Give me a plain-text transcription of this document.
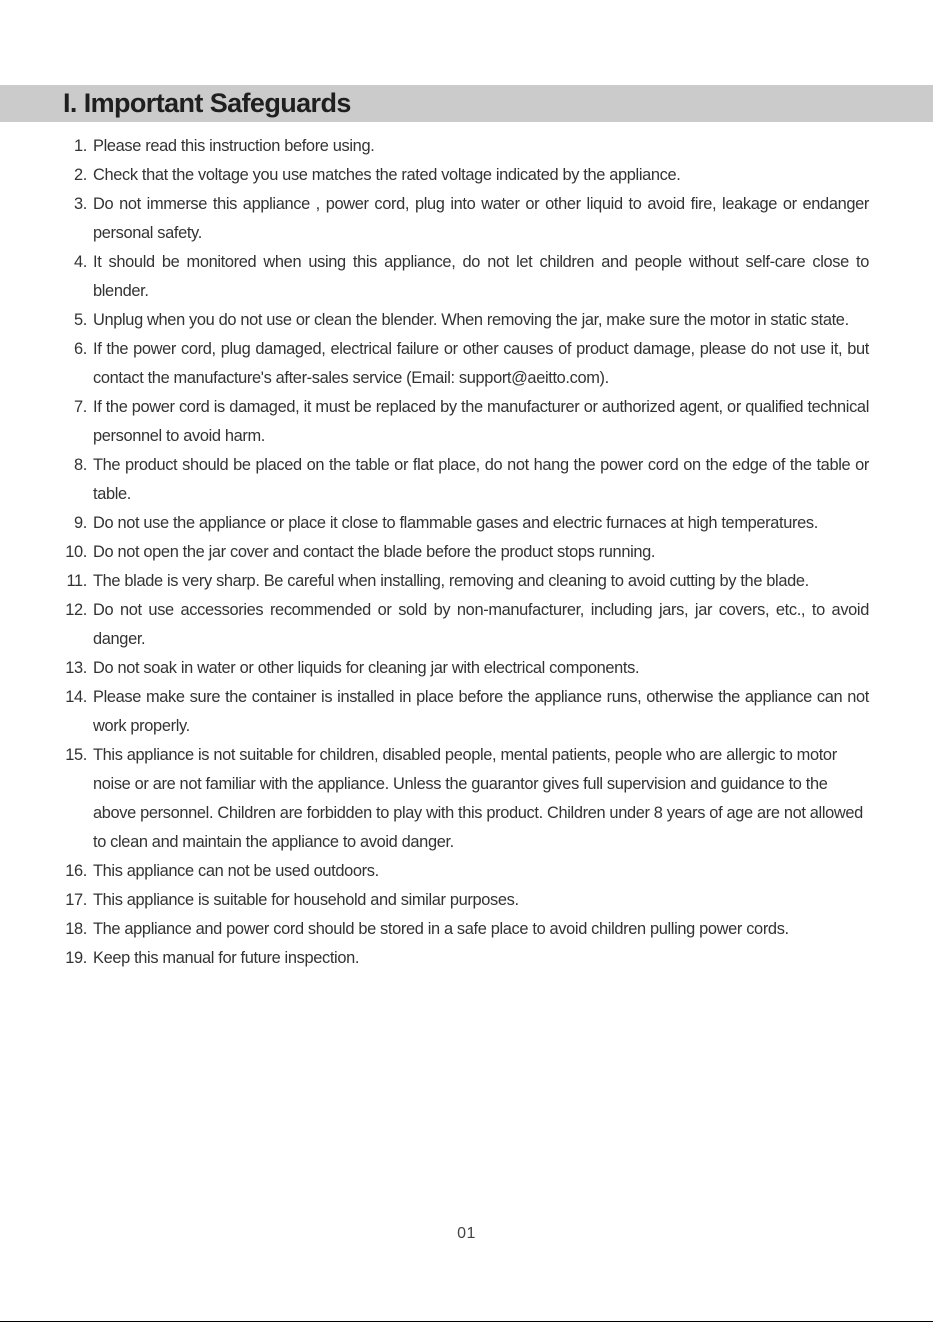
I. Important Safeguards
1. Please read this instruction before using.
2. Check that the voltage you use matches the rated voltage indicated by the appliance.
3. Do not immerse this appliance , power cord, plug into water or other liquid to avoid fire, leakage or endanger personal safety.
4. It should be monitored when using this appliance, do not let children and people without self-care close to blender.
5. Unplug when you do not use or clean the blender. When removing the jar, make sure the motor in static state.
6. If the power cord, plug damaged, electrical failure or other causes of product damage, please do not use it, but contact the manufacture's after-sales service (Email: support@aeitto.com).
7. If the power cord is damaged, it must be replaced by the manufacturer or authorized agent, or qualified technical personnel to avoid harm.
8. The product should be placed on the table or flat place, do not hang the power cord on the edge of the table or table.
9. Do not use the appliance or place it close to flammable gases and electric furnaces at high temperatures.
10. Do not open the jar cover and contact the blade before the product stops running.
11. The blade is very sharp. Be careful when installing, removing and cleaning to avoid cutting by the blade.
12. Do not use accessories recommended or sold by non-manufacturer, including jars, jar covers, etc., to avoid danger.
13. Do not soak in water or other liquids for cleaning jar with electrical components.
14. Please make sure the container is installed in place before the appliance runs, otherwise the appliance can not work properly.
15. This appliance is not suitable for children, disabled people, mental patients, people who are allergic to motor noise or are not familiar with the appliance. Unless the guarantor gives full supervision and guidance to the above personnel. Children are forbidden to play with this product. Children under 8 years of age are not allowed to clean and maintain the appliance to avoid danger.
16. This appliance can not be used outdoors.
17. This appliance is suitable for household and similar purposes.
18. The appliance and power cord should be stored in a safe place to avoid children pulling power cords.
19. Keep this manual for future inspection.
01
